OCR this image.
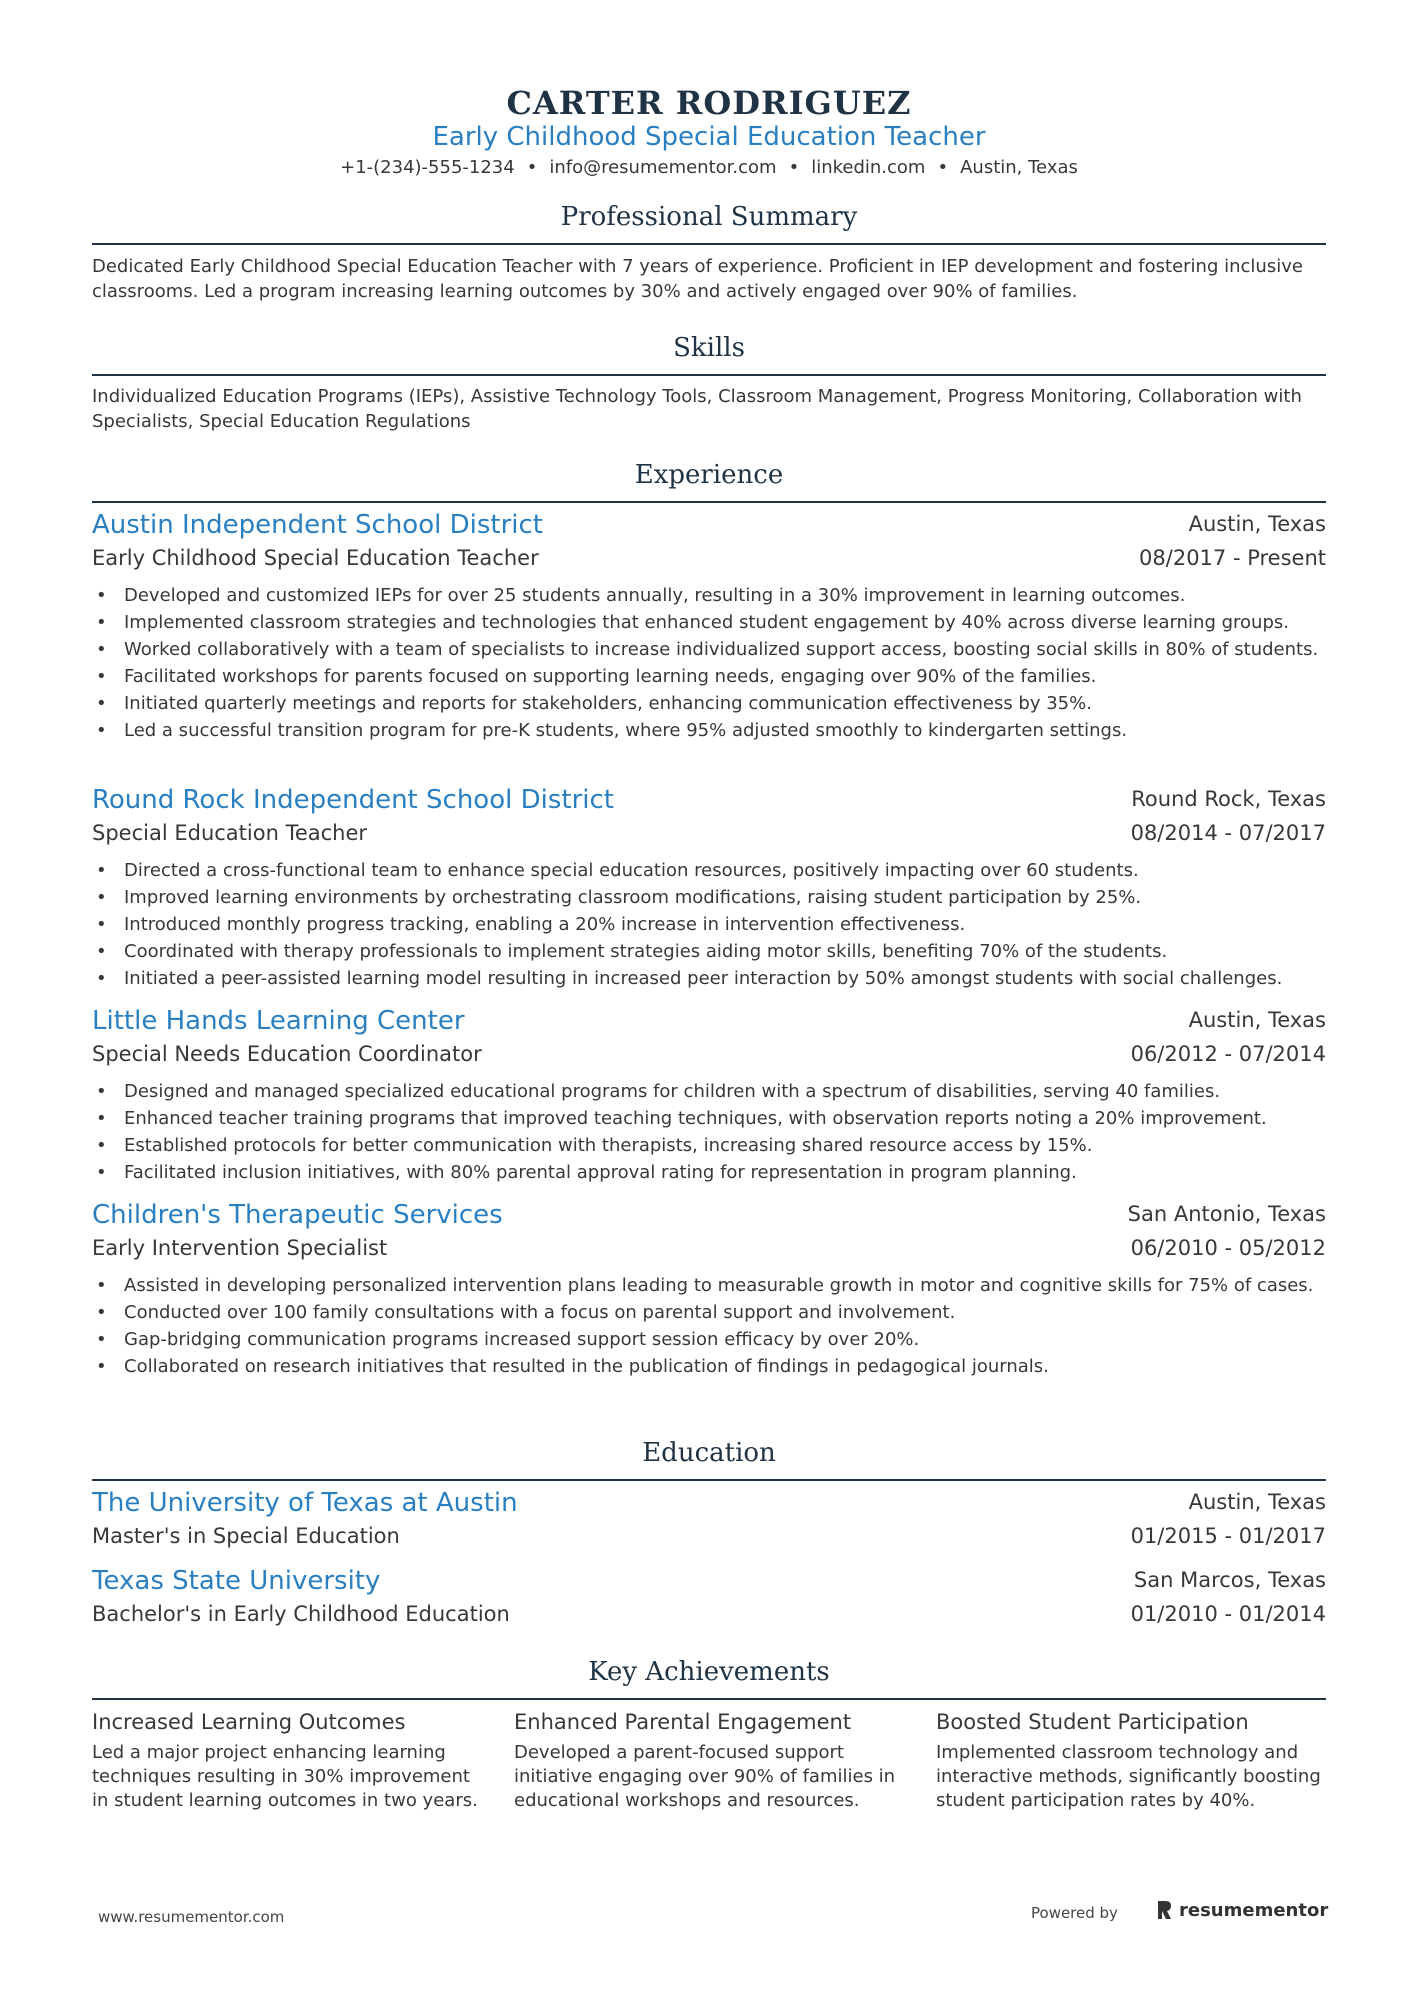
CARTER RODRIGUEZ
Early Childhood Special Education Teacher
+1-(234)-555-1234 • info@resumementor.com • linkedin.com • Austin, Texas
Professional Summary
Dedicated Early Childhood Special Education Teacher with 7 years of experience. Proficient in IEP development and fostering inclusive classrooms. Led a program increasing learning outcomes by 30% and actively engaged over 90% of families.
Skills
Individualized Education Programs (IEPs), Assistive Technology Tools, Classroom Management, Progress Monitoring, Collaboration with Specialists, Special Education Regulations
Experience
Austin Independent School District	Austin, Texas
Early Childhood Special Education Teacher	08/2017 - Present
• Developed and customized IEPs for over 25 students annually, resulting in a 30% improvement in learning outcomes.
• Implemented classroom strategies and technologies that enhanced student engagement by 40% across diverse learning groups.
• Worked collaboratively with a team of specialists to increase individualized support access, boosting social skills in 80% of students.
• Facilitated workshops for parents focused on supporting learning needs, engaging over 90% of the families.
• Initiated quarterly meetings and reports for stakeholders, enhancing communication effectiveness by 35%.
• Led a successful transition program for pre-K students, where 95% adjusted smoothly to kindergarten settings.
Round Rock Independent School District	Round Rock, Texas
Special Education Teacher	08/2014 - 07/2017
• Directed a cross-functional team to enhance special education resources, positively impacting over 60 students.
• Improved learning environments by orchestrating classroom modifications, raising student participation by 25%.
• Introduced monthly progress tracking, enabling a 20% increase in intervention effectiveness.
• Coordinated with therapy professionals to implement strategies aiding motor skills, benefiting 70% of the students.
• Initiated a peer-assisted learning model resulting in increased peer interaction by 50% amongst students with social challenges.
Little Hands Learning Center	Austin, Texas
Special Needs Education Coordinator	06/2012 - 07/2014
• Designed and managed specialized educational programs for children with a spectrum of disabilities, serving 40 families.
• Enhanced teacher training programs that improved teaching techniques, with observation reports noting a 20% improvement.
• Established protocols for better communication with therapists, increasing shared resource access by 15%.
• Facilitated inclusion initiatives, with 80% parental approval rating for representation in program planning.
Children's Therapeutic Services	San Antonio, Texas
Early Intervention Specialist	06/2010 - 05/2012
• Assisted in developing personalized intervention plans leading to measurable growth in motor and cognitive skills for 75% of cases.
• Conducted over 100 family consultations with a focus on parental support and involvement.
• Gap-bridging communication programs increased support session efficacy by over 20%.
• Collaborated on research initiatives that resulted in the publication of findings in pedagogical journals.
Education
The University of Texas at Austin	Austin, Texas
Master's in Special Education	01/2015 - 01/2017
Texas State University	San Marcos, Texas
Bachelor's in Early Childhood Education	01/2010 - 01/2014
Key Achievements
Increased Learning Outcomes
Led a major project enhancing learning techniques resulting in 30% improvement in student learning outcomes in two years.
Enhanced Parental Engagement
Developed a parent-focused support initiative engaging over 90% of families in educational workshops and resources.
Boosted Student Participation
Implemented classroom technology and interactive methods, significantly boosting student participation rates by 40%.
www.resumementor.com	Powered by	resumementor
